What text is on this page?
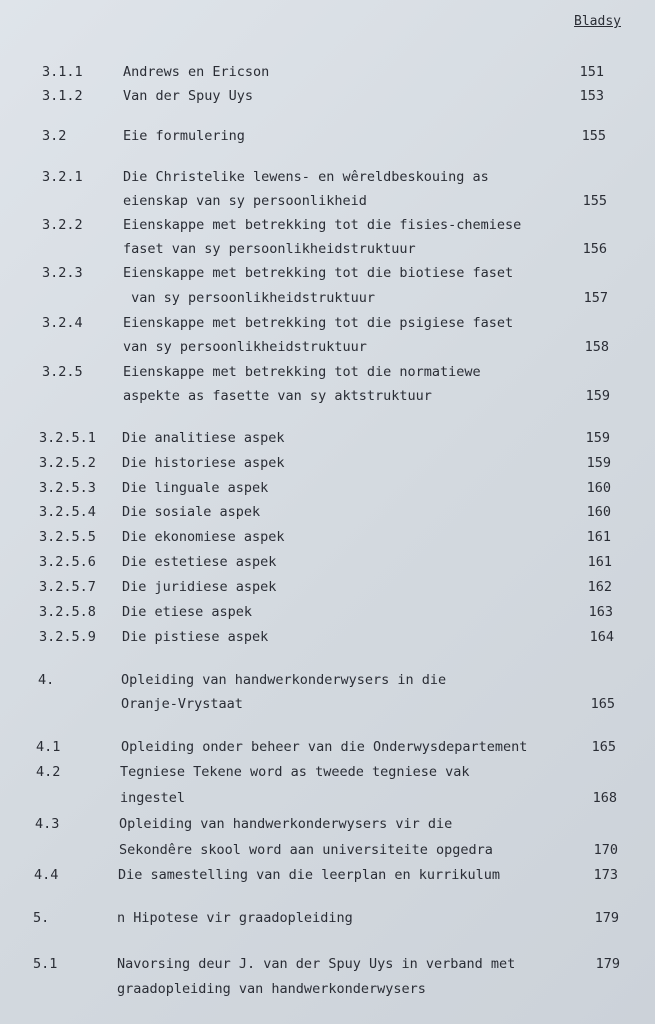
Bladsy
3.1.1	Andrews en Ericson	151
3.1.2	Van der Spuy Uys	153
3.2	Eie formulering	155
3.2.1	Die Christelike lewens- en wêreldbeskouing as
eienskap van sy persoonlikheid	155
3.2.2	Eienskappe met betrekking tot die fisies-chemiese
faset van sy persoonlikheidstruktuur	156
3.2.3	Eienskappe met betrekking tot die biotiese faset
van sy persoonlikheidstruktuur	157
3.2.4	Eienskappe met betrekking tot die psigiese faset
van sy persoonlikheidstruktuur	158
3.2.5	Eienskappe met betrekking tot die normatiewe
aspekte as fasette van sy aktstruktuur	159
3.2.5.1 Die analitiese aspek	159
3.2.5.2 Die historiese aspek	159
3.2.5.3 Die linguale aspek	160
3.2.5.4 Die sosiale aspek	160
3.2.5.5 Die ekonomiese aspek	161
3.2.5.6 Die estetiese aspek	161
3.2.5.7 Die juridiese aspek	162
3.2.5.8 Die etiese aspek	163
3.2.5.9 Die pistiese aspek	164
4.	Opleiding van handwerkonderwysers in die
Oranje-Vrystaat	165
4.1	Opleiding onder beheer van die Onderwysdepartement	165
4.2	Tegniese Tekene word as tweede tegniese vak
ingestel	168
4.3	Opleiding van handwerkonderwysers vir die
Sekondêre skool word aan universiteite opgedra	170
4.4	Die samestelling van die leerplan en kurrikulum	173
5.	n Hipotese vir graadopleiding	179
5.1	Navorsing deur J. van der Spuy Uys in verband met	179
graadopleiding van handwerkonderwysers
